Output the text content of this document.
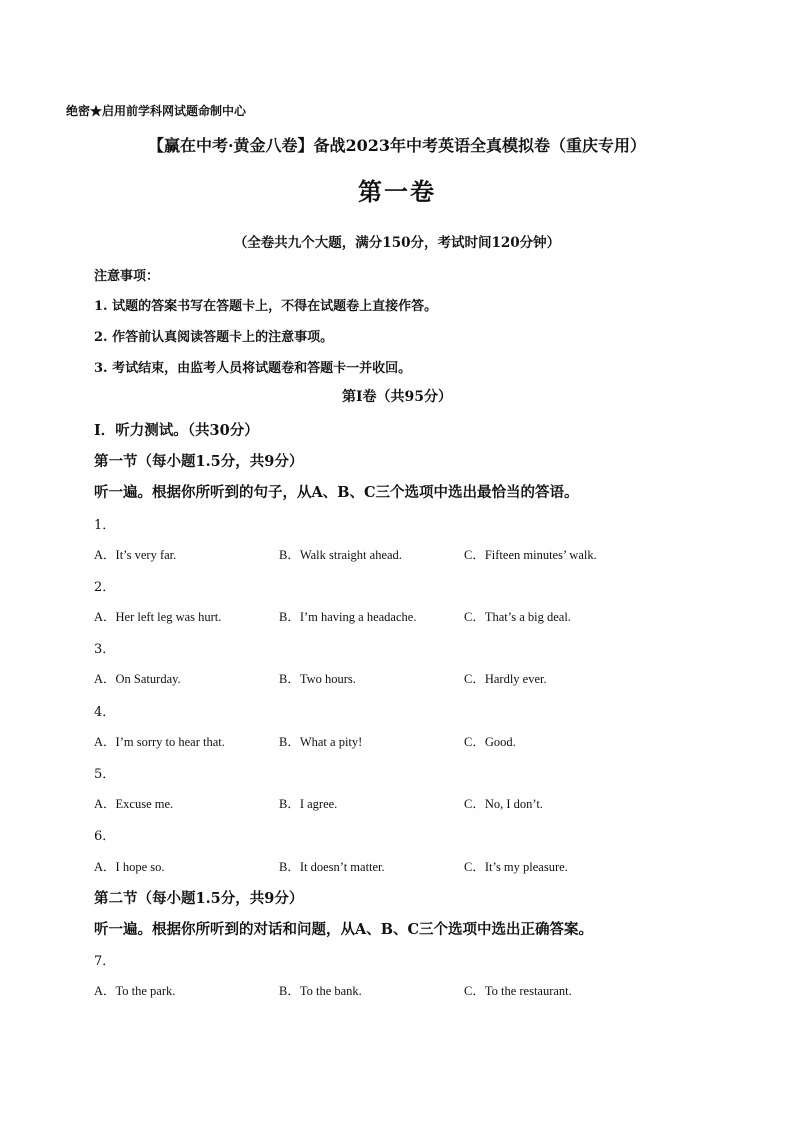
绝密★启用前学科网试题命制中心
【赢在中考·黄金八卷】备战2023年中考英语全真模拟卷（重庆专用）
第一卷
（全卷共九个大题，满分150分，考试时间120分钟）
注意事项：
1. 试题的答案书写在答题卡上，不得在试题卷上直接作答。
2. 作答前认真阅读答题卡上的注意事项。
3. 考试结束，由监考人员将试题卷和答题卡一并收回。
第Ⅰ卷（共95分）
Ⅰ．听力测试。（共30分）
第一节（每小题1.5分，共9分）
听一遍。根据你所听到的句子，从A、B、C三个选项中选出最恰当的答语。
1．
A．It’s very far.	B．Walk straight ahead.	C．Fifteen minutes’ walk.
2．
A．Her left leg was hurt.	B．I’m having a headache.	C．That’s a big deal.
3．
A．On Saturday.	B．Two hours.	C．Hardly ever.
4．
A．I’m sorry to hear that.	B．What a pity!	C．Good.
5．
A．Excuse me.	B．I agree.	C．No, I don’t.
6．
A．I hope so.	B．It doesn’t matter.	C．It’s my pleasure.
第二节（每小题1.5分，共9分）
听一遍。根据你所听到的对话和问题，从A、B、C三个选项中选出正确答案。
7．
A．To the park.	B．To the bank.	C．To the restaurant.
